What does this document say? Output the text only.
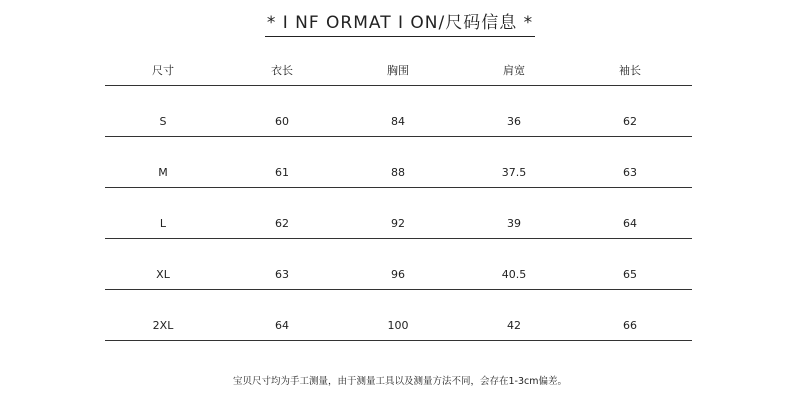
* I NF ORMAT I ON/尺码信息 *
尺寸	衣长	胸围	肩宽	袖长
S	60	84	36	62
M	61	88	37.5	63
L	62	92	39	64
XL	63	96	40.5	65
2XL	64	100	42	66
宝贝尺寸均为手工测量，由于测量工具以及测量方法不同，会存在1-3cm偏差。
